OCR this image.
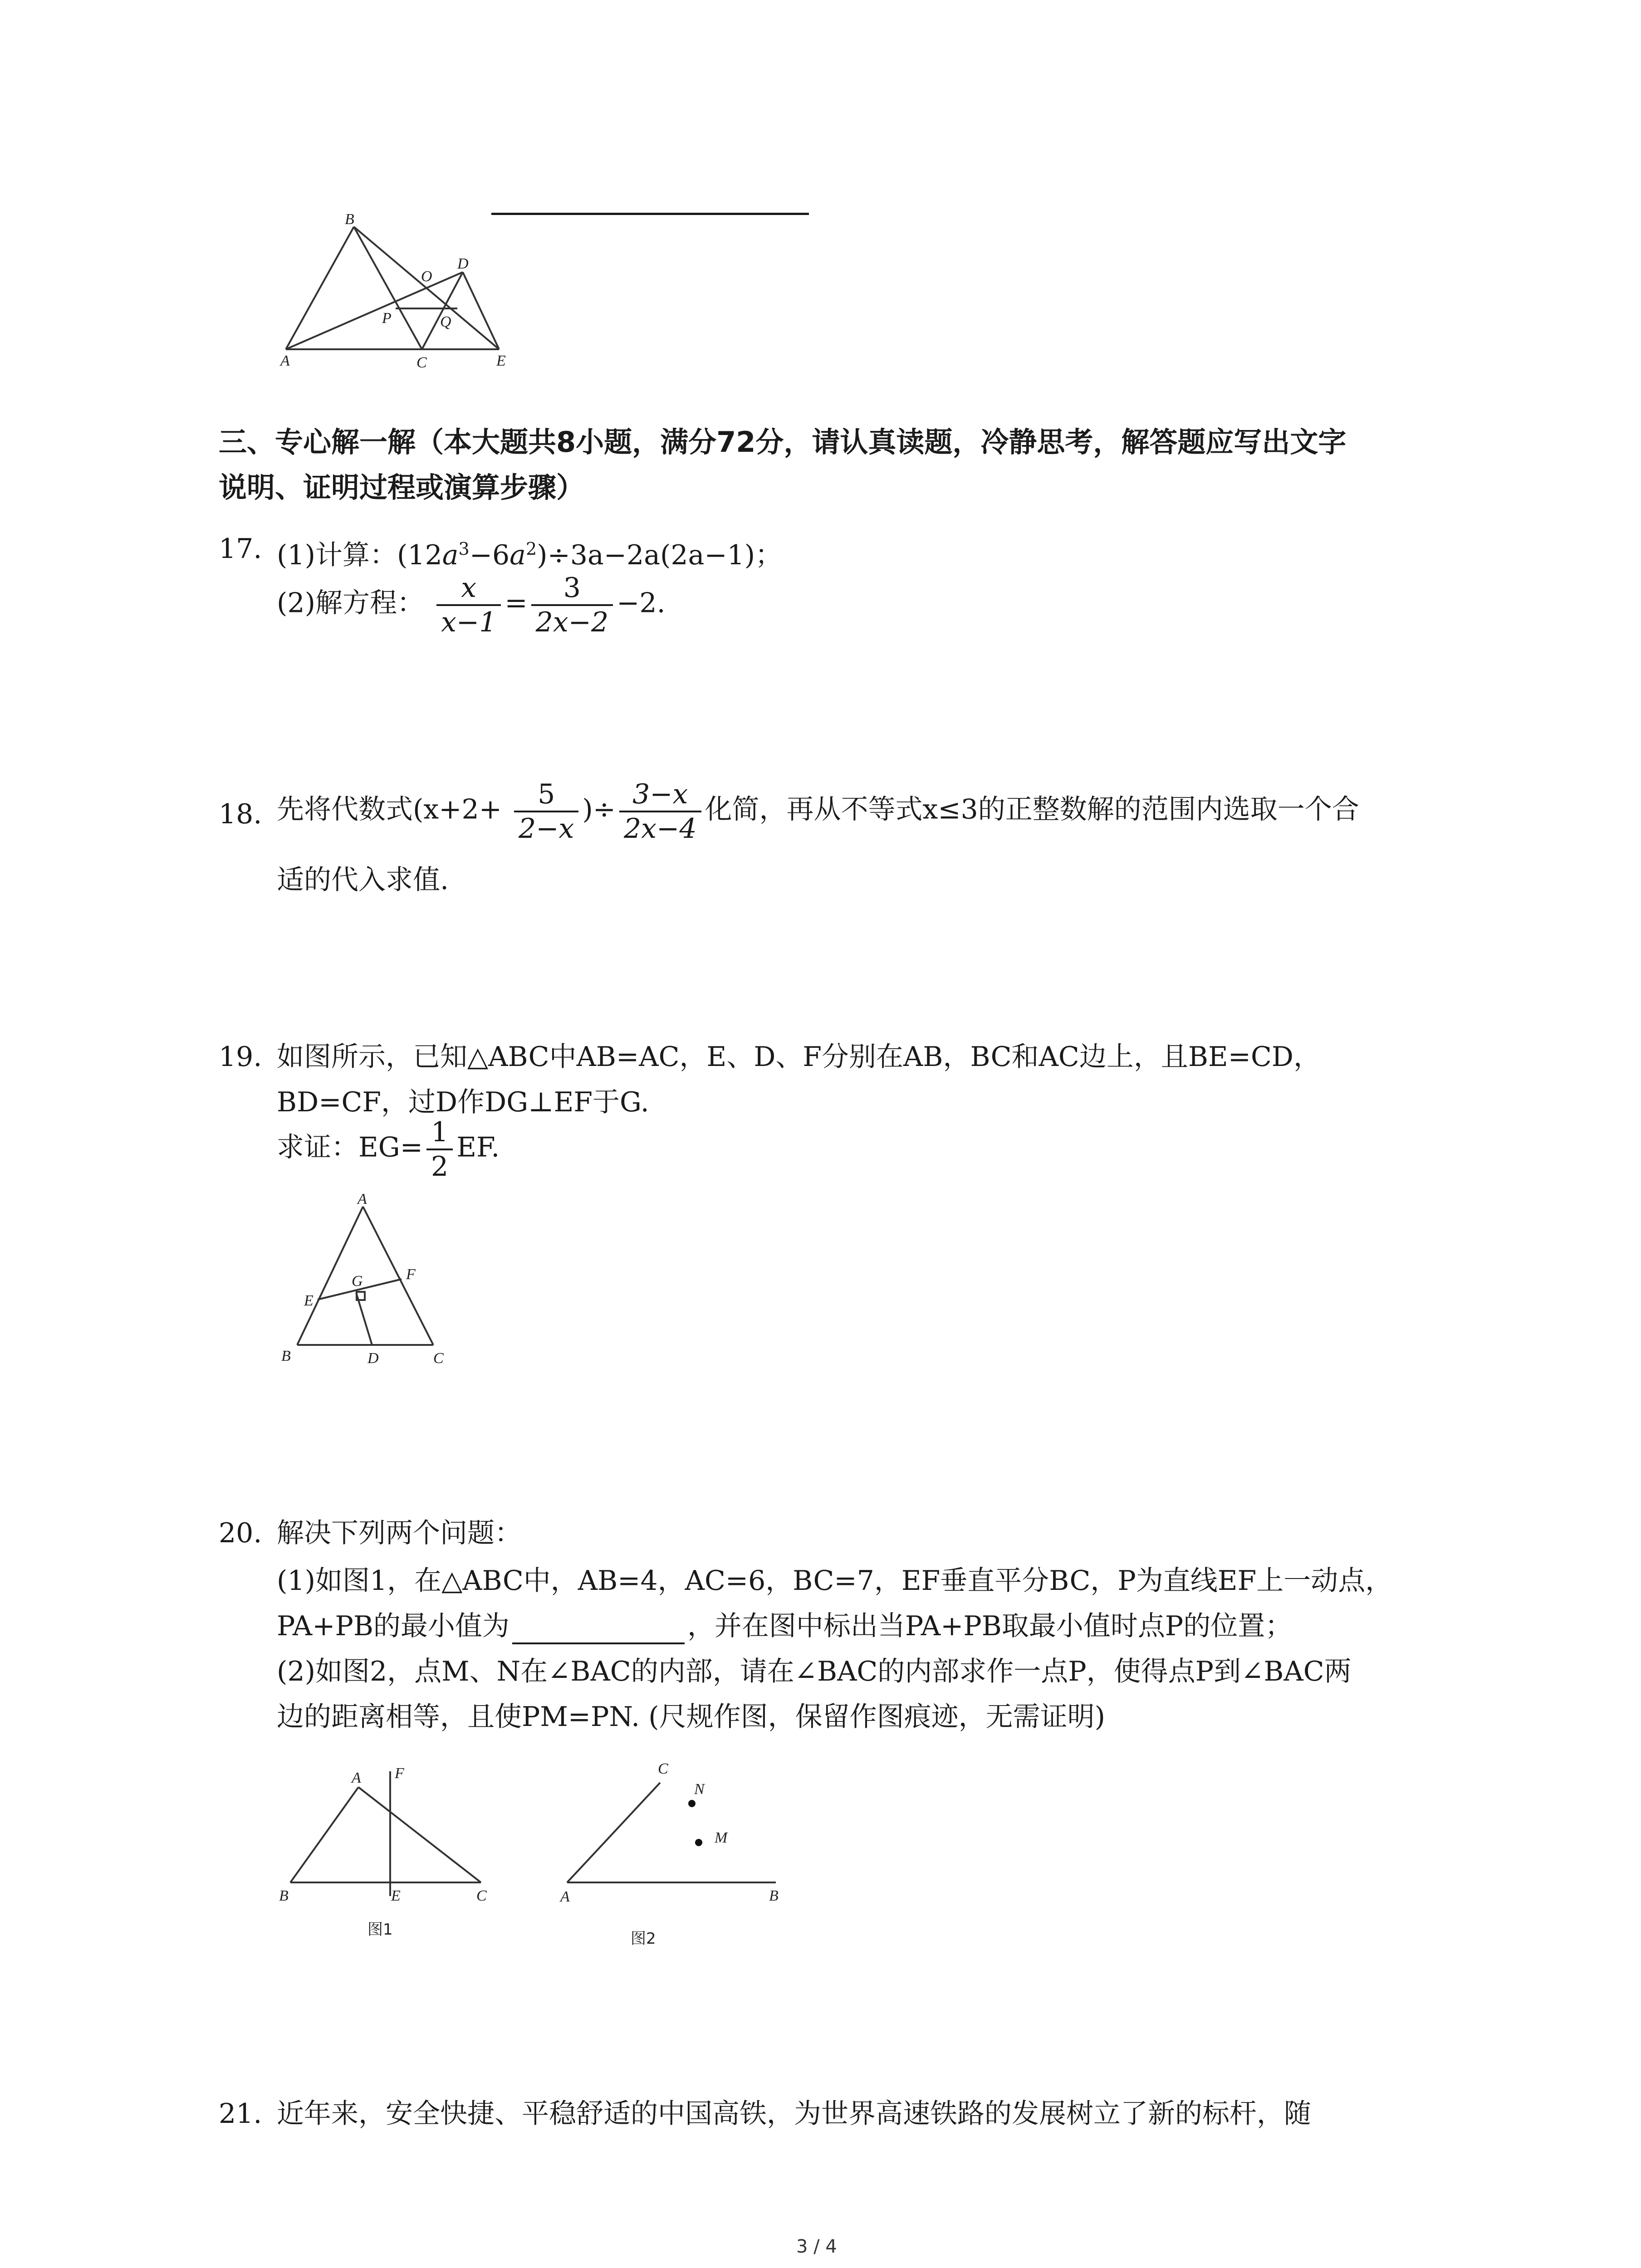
B
O
D
P	Q
A	C	E
三、专心解一解（本大题共8小题，满分72分，请认真读题，冷静思考，解答题应写出文字
说明、证明过程或演算步骤）
17. (1)计算：$(12a^3-6a^2)\div 3a-2a(2a-1)$；
(2)解方程： $\frac{x}{x-1} = \frac{3}{2x-2} -2$.
18. 先将代数式($x+2+ \frac{5}{2-x}$ )÷ $\frac{3-x}{2x-4}$ 化简，再从不等式x≤3的正整数解的范围内选取一个合
适的代入求值.
19. 如图所示，已知△ABC中AB=AC，E、D、F分别在AB，BC和AC边上，且BE=CD，
BD=CF，过D作DG⊥EF于G.
求证：$EG= \frac{1}{2}$ EF.
A
G	F
E
B	D	C
20. 解决下列两个问题：
(1)如图1，在△ABC中，AB=4，AC=6，BC=7，EF垂直平分BC，P为直线EF上一动点，
PA+PB的最小值为	，并在图中标出当PA+PB取最小值时点P的位置；
(2)如图2，点M、N在∠BAC的内部，请在∠BAC的内部求作一点P，使得点P到∠BAC两
边的距离相等，且使PM=PN. (尺规作图，保留作图痕迹，无需证明)
A F
B	E	C
图1
C
N
M
A	B
图2
21. 近年来，安全快捷、平稳舒适的中国高铁，为世界高速铁路的发展树立了新的标杆，随
3 / 4
